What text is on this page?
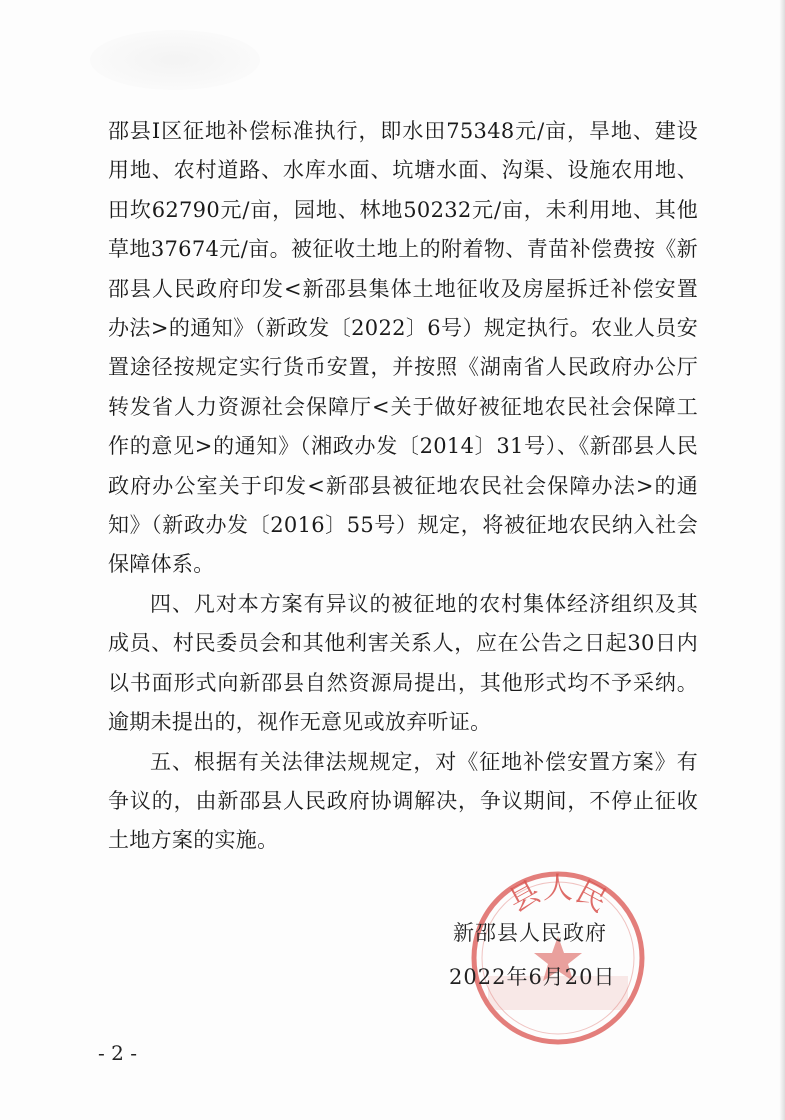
邵县Ⅰ区征地补偿标准执行，即水田75348元/亩，旱地、建设用地、农村道路、水库水面、坑塘水面、沟渠、设施农用地、田坎62790元/亩，园地、林地50232元/亩，未利用地、其他草地37674元/亩。被征收土地上的附着物、青苗补偿费按《新邵县人民政府印发<新邵县集体土地征收及房屋拆迁补偿安置办法>的通知》（新政发〔2022〕6号）规定执行。农业人员安置途径按规定实行货币安置，并按照《湖南省人民政府办公厅转发省人力资源社会保障厅<关于做好被征地农民社会保障工作的意见>的通知》（湘政办发〔2014〕31号）、《新邵县人民政府办公室关于印发<新邵县被征地农民社会保障办法>的通知》（新政办发〔2016〕55号）规定，将被征地农民纳入社会保障体系。

四、凡对本方案有异议的被征地的农村集体经济组织及其成员、村民委员会和其他利害关系人，应在公告之日起30日内以书面形式向新邵县自然资源局提出，其他形式均不予采纳。逾期未提出的，视作无意见或放弃听证。

五、根据有关法律法规规定，对《征地补偿安置方案》有争议的，由新邵县人民政府协调解决，争议期间，不停止征收土地方案的实施。

县人民
新邵县人民政府
2022年6月20日
- 2 -
